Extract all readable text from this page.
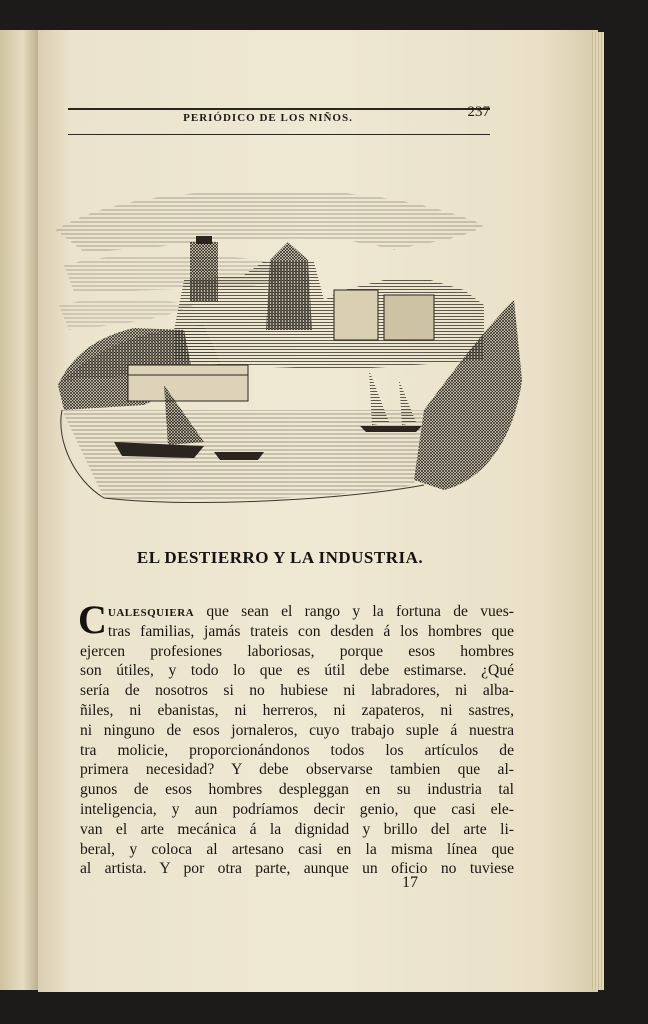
PERIÓDICO DE LOS NIÑOS.	237
EL DESTIERRO Y LA INDUSTRIA.
C ualesquiera que sean el rango y la fortuna de vues-
tras familias, jamás trateis con desden á los hombres que
ejercen profesiones laboriosas, porque esos hombres
son útiles, y todo lo que es útil debe estimarse. ¿Qué
sería de nosotros si no hubiese ni labradores, ni alba-
ñiles, ni ebanistas, ni herreros, ni zapateros, ni sastres,
ni ninguno de esos jornaleros, cuyo trabajo suple á nuestra
tra molicie, proporcionándonos todos los artículos de
primera necesidad? Y debe observarse tambien que al-
gunos de esos hombres despleggan en su industria tal
inteligencia, y aun podríamos decir genio, que casi ele-
van el arte mecánica á la dignidad y brillo del arte li-
beral, y coloca al artesano casi en la misma línea que
al artista. Y por otra parte, aunque un oficio no tuviese
17
